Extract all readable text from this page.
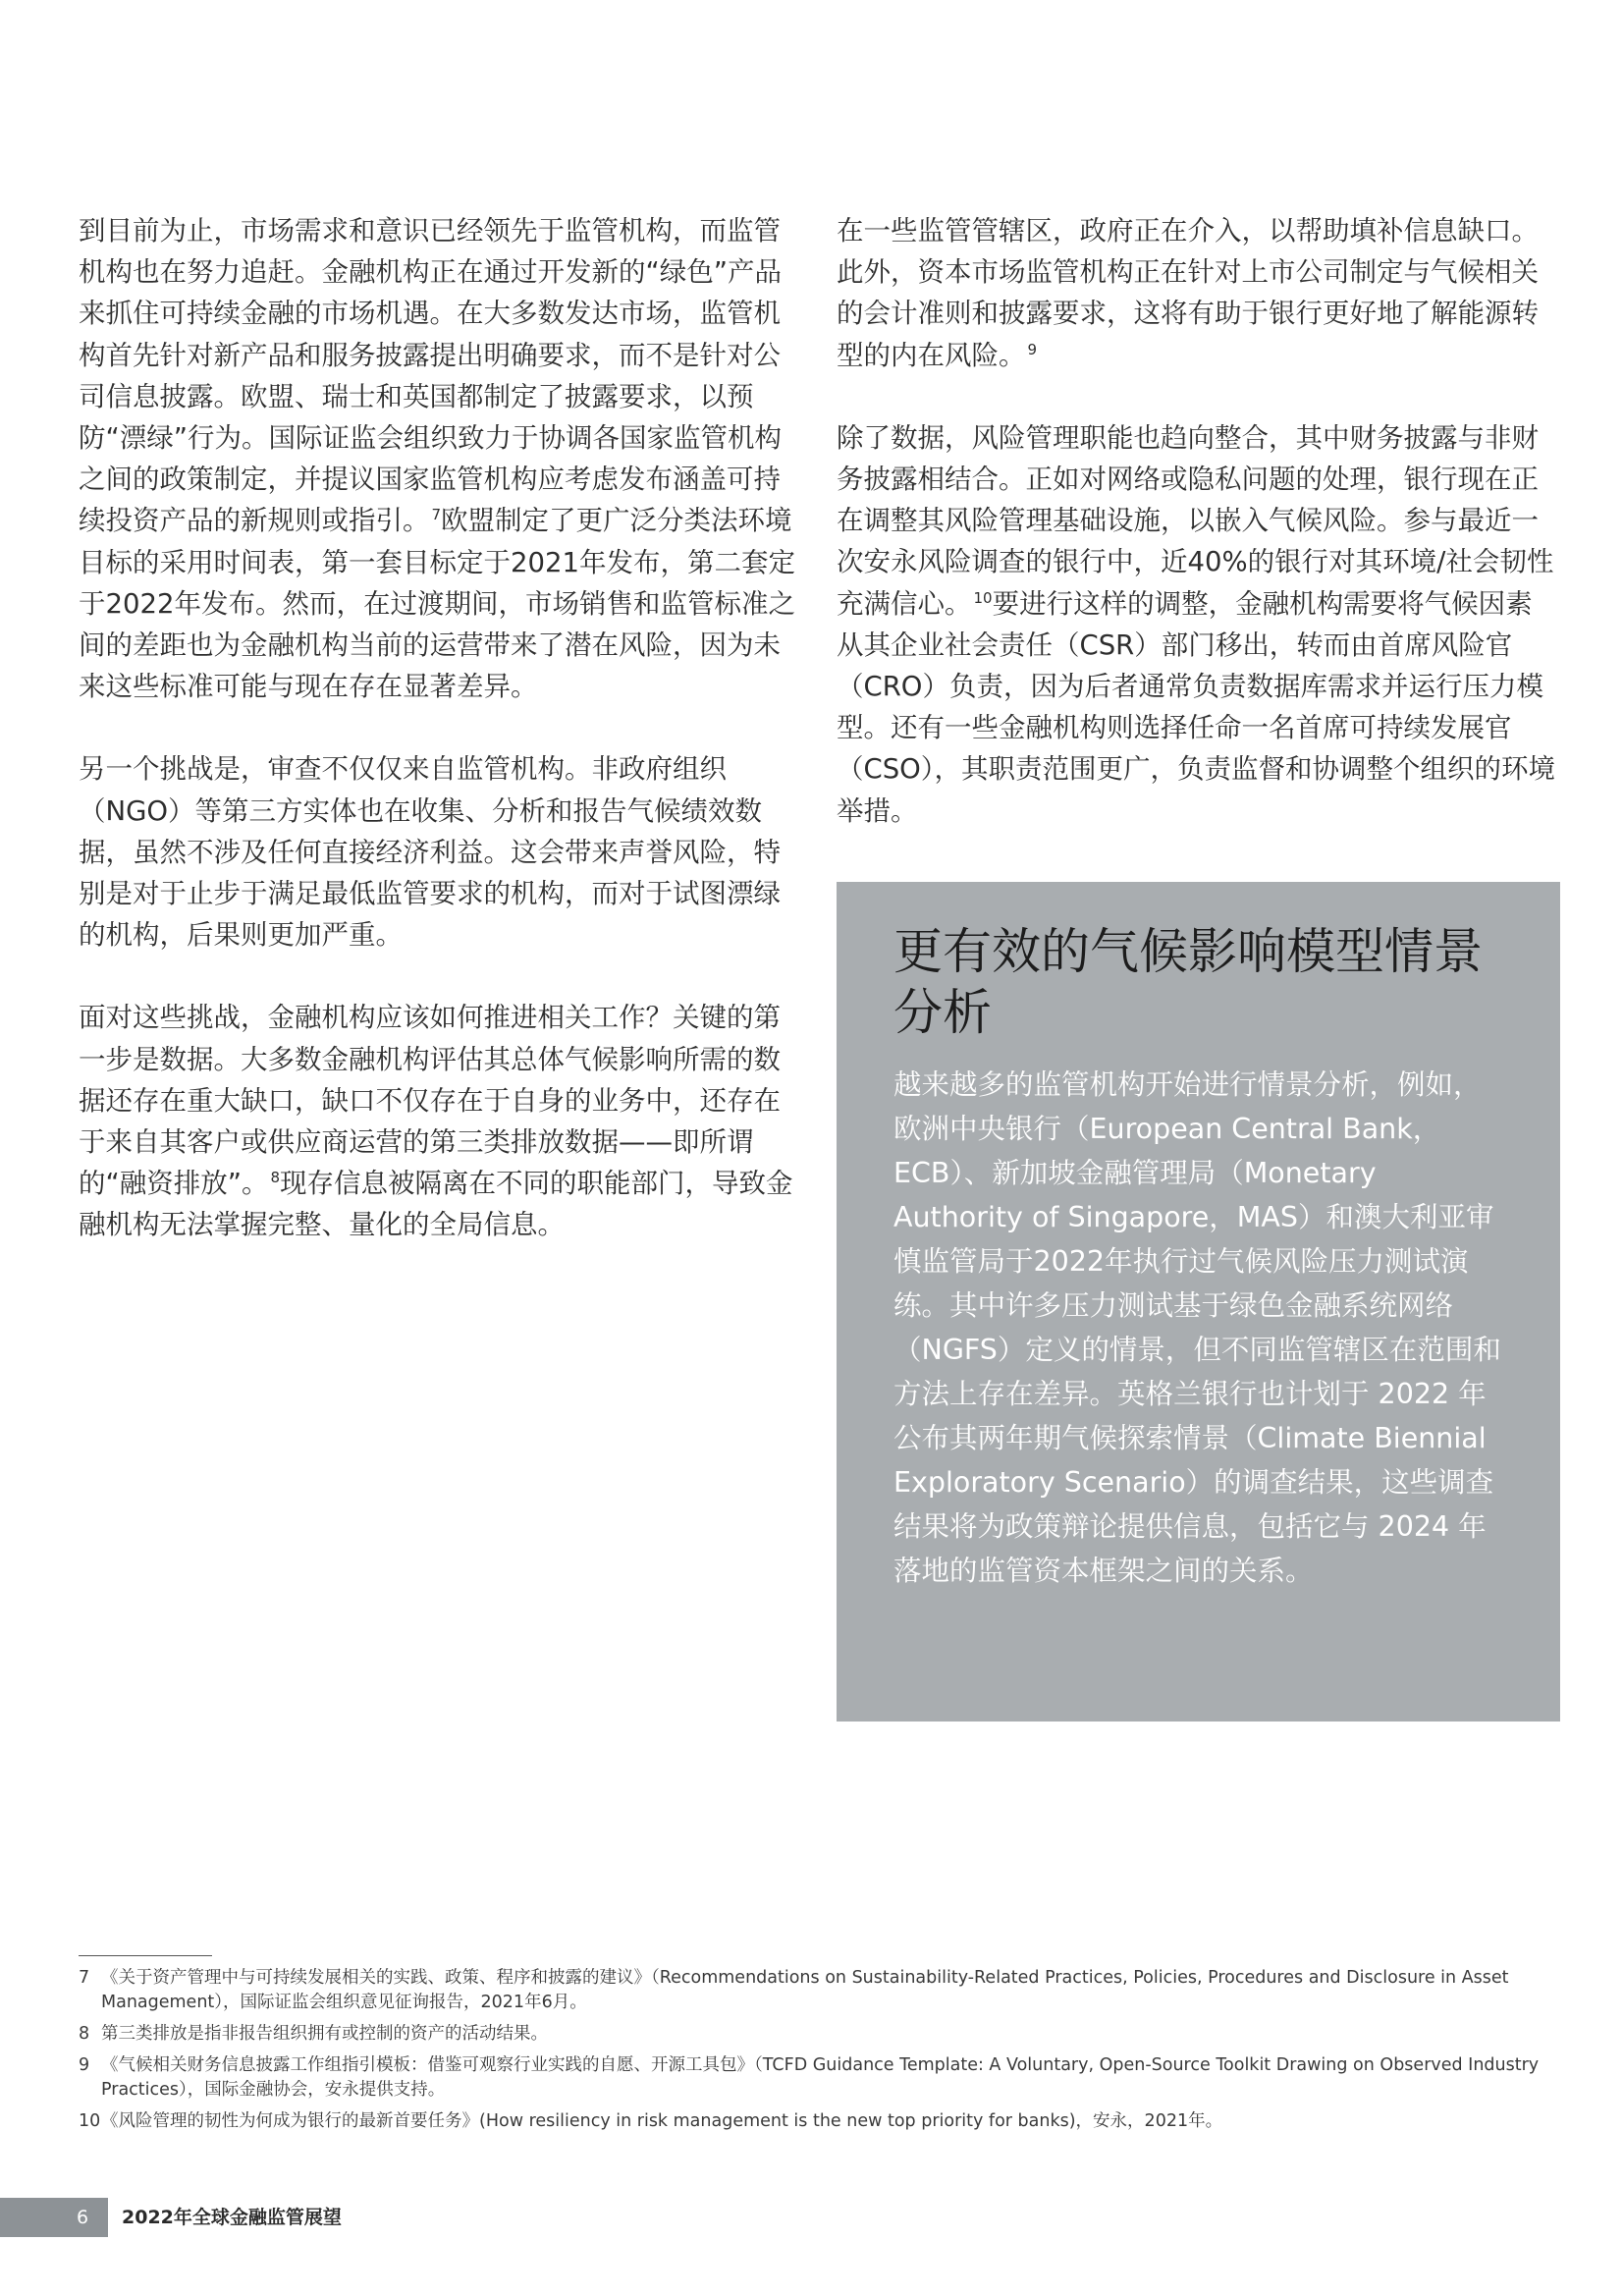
到目前为止，市场需求和意识已经领先于监管机构，而监管机构也在努力追赶。金融机构正在通过开发新的“绿色”产品来抓住可持续金融的市场机遇。在大多数发达市场，监管机构首先针对新产品和服务披露提出明确要求，而不是针对公司信息披露。欧盟、瑞士和英国都制定了披露要求，以预防“漂绿”行为。国际证监会组织致力于协调各国家监管机构之间的政策制定，并提议国家监管机构应考虑发布涵盖可持续投资产品的新规则或指引。 $^7$欧盟制定了更广泛分类法环境目标的采用时间表，第一套目标定于2021年发布，第二套定于2022年发布。然而，在过渡期间，市场销售和监管标准之间的差距也为金融机构当前的运营带来了潜在风险，因为未来这些标准可能与现在存在显著差异。

另一个挑战是，审查不仅仅来自监管机构。非政府组织（NGO）等第三方实体也在收集、分析和报告气候绩效数据，虽然不涉及任何直接经济利益。这会带来声誉风险，特别是对于止步于满足最低监管要求的机构，而对于试图漂绿的机构，后果则更加严重。

面对这些挑战，金融机构应该如何推进相关工作？关键的第一步是数据。大多数金融机构评估其总体气候影响所需的数据还存在重大缺口，缺口不仅存在于自身的业务中，还存在于来自其客户或供应商运营的第三类排放数据——即所谓的“融资排放”。 $^8$现存信息被隔离在不同的职能部门，导致金融机构无法掌握完整、量化的全局信息。

在一些监管管辖区，政府正在介入，以帮助填补信息缺口。此外，资本市场监管机构正在针对上市公司制定与气候相关的会计准则和披露要求，这将有助于银行更好地了解能源转型的内在风险。 $^9$

除了数据，风险管理职能也趋向整合，其中财务披露与非财务披露相结合。正如对网络或隐私问题的处理，银行现在正在调整其风险管理基础设施，以嵌入气候风险。参与最近一次安永风险调查的银行中，近40%的银行对其环境/社会韧性充满信心。 $^{10}$要进行这样的调整，金融机构需要将气候因素从其企业社会责任（CSR）部门移出，转而由首席风险官（CRO）负责，因为后者通常负责数据库需求并运行压力模型。还有一些金融机构则选择任命一名首席可持续发展官（CSO），其职责范围更广，负责监督和协调整个组织的环境举措。

更有效的气候影响模型情景分析

越来越多的监管机构开始进行情景分析，例如，欧洲中央银行（European Central Bank，ECB）、新加坡金融管理局（Monetary Authority of Singapore，MAS）和澳大利亚审慎监管局于2022年执行过气候风险压力测试演练。其中许多压力测试基于绿色金融系统网络（NGFS）定义的情景，但不同监管辖区在范围和方法上存在差异。英格兰银行也计划于 2022 年公布其两年期气候探索情景（Climate Biennial Exploratory Scenario）的调查结果，这些调查结果将为政策辩论提供信息，包括它与 2024 年落地的监管资本框架之间的关系。

7 《关于资产管理中与可持续发展相关的实践、政策、程序和披露的建议》（Recommendations on Sustainability-Related Practices, Policies, Procedures and Disclosure in Asset Management），国际证监会组织意见征询报告，2021年6月。
8 第三类排放是指非报告组织拥有或控制的资产的活动结果。
9 《气候相关财务信息披露工作组指引模板：借鉴可观察行业实践的自愿、开源工具包》（TCFD Guidance Template: A Voluntary, Open-Source Toolkit Drawing on Observed Industry Practices），国际金融协会，安永提供支持。
10 《风险管理的韧性为何成为银行的最新首要任务》(How resiliency in risk management is the new top priority for banks)，安永，2021年。
6 2022年全球金融监管展望
